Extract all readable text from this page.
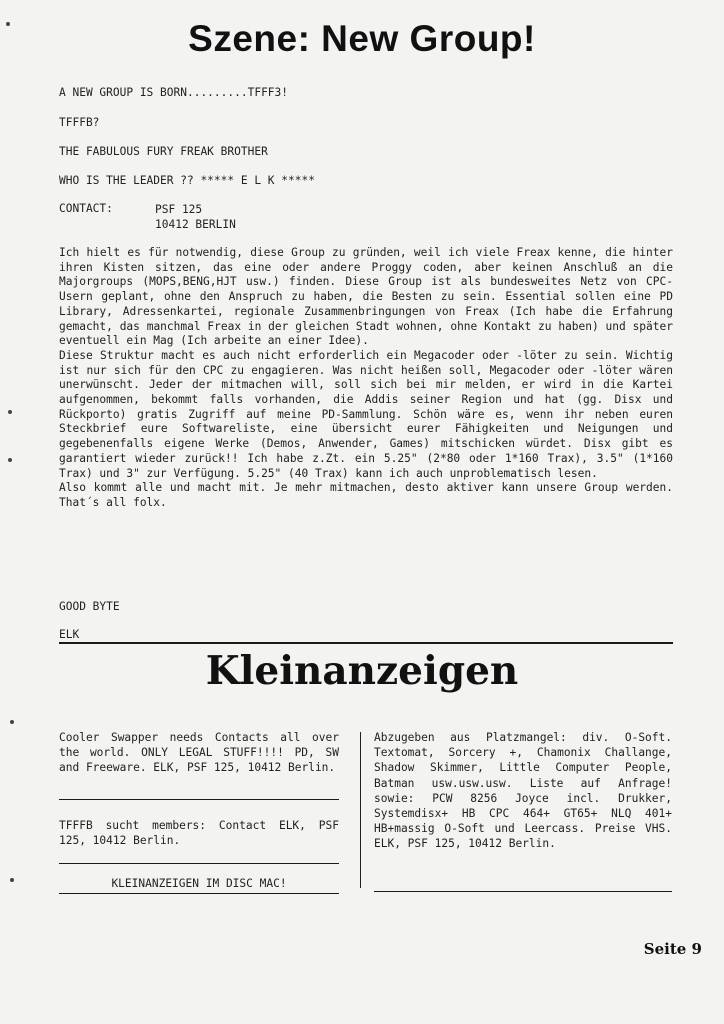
Szene: New Group!
A NEW GROUP IS BORN.........TFFF3!
TFFFB?
THE FABULOUS FURY FREAK BROTHER
WHO IS THE LEADER ?? ***** E L K *****
CONTACT:	PSF 125
10412 BERLIN

Ich hielt es für notwendig, diese Group zu gründen, weil ich viele Freax kenne, die hinter ihren Kisten sitzen, das eine oder andere Proggy coden, aber keinen Anschluß an die Majorgroups (MOPS,BENG,HJT usw.) finden. Diese Group ist als bundesweites Netz von CPC-Usern geplant, ohne den Anspruch zu haben, die Besten zu sein. Essential sollen eine PD Library, Adressenkartei, regionale Zusammenbringungen von Freax (Ich habe die Erfahrung gemacht, das manchmal Freax in der gleichen Stadt wohnen, ohne Kontakt zu haben) und später eventuell ein Mag (Ich arbeite an einer Idee).

Diese Struktur macht es auch nicht erforderlich ein Megacoder oder -löter zu sein. Wichtig ist nur sich für den CPC zu engagieren. Was nicht heißen soll, Megacoder oder -löter wären unerwünscht. Jeder der mitmachen will, soll sich bei mir melden, er wird in die Kartei aufgenommen, bekommt falls vorhanden, die Addis seiner Region und hat (gg. Disx und Rückporto) gratis Zugriff auf meine PD-Sammlung. Schön wäre es, wenn ihr neben euren Steckbrief eure Softwareliste, eine übersicht eurer Fähigkeiten und Neigungen und gegebenenfalls eigene Werke (Demos, Anwender, Games) mitschicken würdet. Disx gibt es garantiert wieder zurück!! Ich habe z.Zt. ein 5.25" (2*80 oder 1*160 Trax), 3.5" (1*160 Trax) und 3" zur Verfügung. 5.25" (40 Trax) kann ich auch unproblematisch lesen.

Also kommt alle und macht mit. Je mehr mitmachen, desto aktiver kann unsere Group werden. That´s all folx.

GOOD BYTE
ELK
Kleinanzeigen
Cooler Swapper needs Contacts all over the world. ONLY LEGAL STUFF!!!! PD, SW and Freeware. ELK, PSF 125, 10412 Berlin.
TFFFB sucht members: Contact ELK, PSF 125, 10412 Berlin.
KLEINANZEIGEN IM DISC MAC!
Abzugeben aus Platzmangel: div. O-Soft. Textomat, Sorcery +, Chamonix Challange, Shadow Skimmer, Little Computer People, Batman usw.usw.usw. Liste auf Anfrage! sowie: PCW 8256 Joyce incl. Drukker, Systemdisx+ HB CPC 464+ GT65+ NLQ 401+ HB+massig O-Soft und Leercass. Preise VHS. ELK, PSF 125, 10412 Berlin.
Seite 9
